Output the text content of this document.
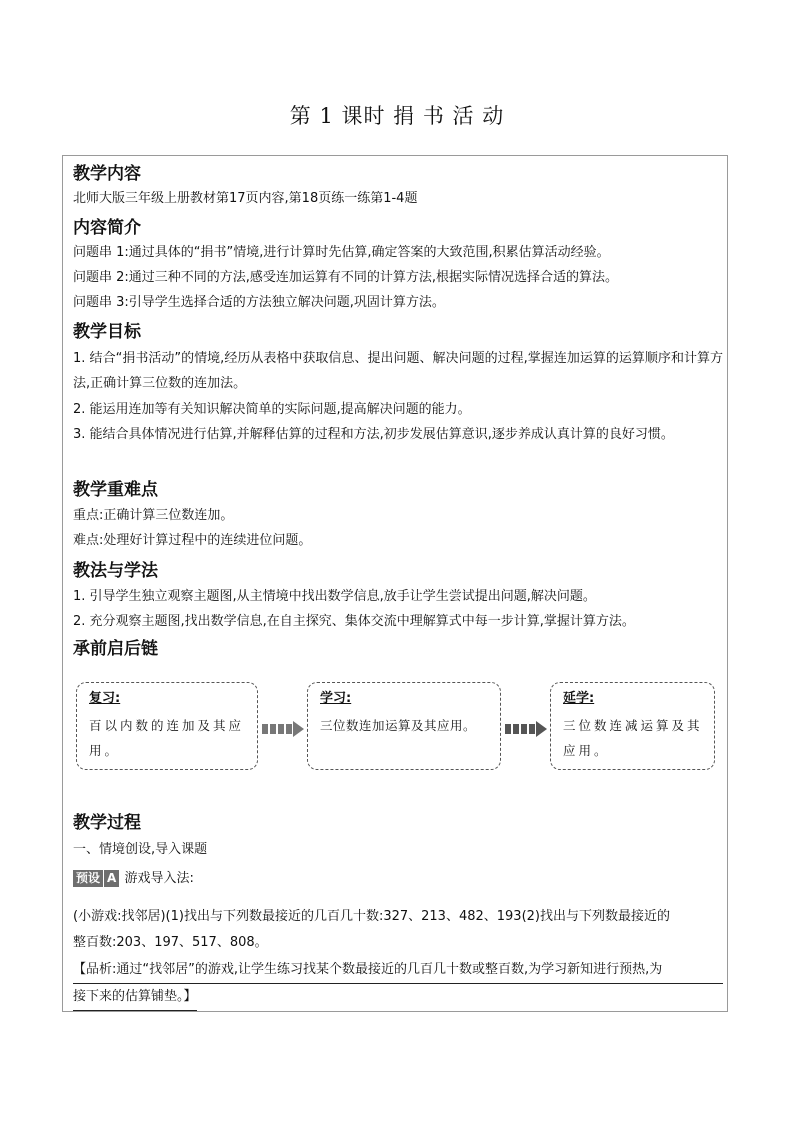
第 1 课时 捐 书 活 动
教学内容
北师大版三年级上册教材第17页内容,第18页练一练第1-4题
内容简介
问题串 1:通过具体的“捐书”情境,进行计算时先估算,确定答案的大致范围,积累估算活动经验。
问题串 2:通过三种不同的方法,感受连加运算有不同的计算方法,根据实际情况选择合适的算法。
问题串 3:引导学生选择合适的方法独立解决问题,巩固计算方法。
教学目标
1. 结合“捐书活动”的情境,经历从表格中获取信息、提出问题、解决问题的过程,掌握连加运算的运算顺序和计算方法,正确计算三位数的连加法。
2. 能运用连加等有关知识解决简单的实际问题,提高解决问题的能力。
3. 能结合具体情况进行估算,并解释估算的过程和方法,初步发展估算意识,逐步养成认真计算的良好习惯。
教学重难点
重点:正确计算三位数连加。
难点:处理好计算过程中的连续进位问题。
教法与学法
1. 引导学生独立观察主题图,从主情境中找出数学信息,放手让学生尝试提出问题,解决问题。
2. 充分观察主题图,找出数学信息,在自主探究、集体交流中理解算式中每一步计算,掌握计算方法。
承前启后链
复习:
百以内数的连加及其应用。
学习:
三位数连加运算及其应用。
延学:
三位数连减运算及其应用。
教学过程
一、情境创设,导入课题
预设 A 游戏导入法:
(小游戏:找邻居)(1)找出与下列数最接近的几百几十数:327、213、482、193(2)找出与下列数最接近的
整百数:203、197、517、808。
【品析:通过“找邻居”的游戏,让学生练习找某个数最接近的几百几十数或整百数,为学习新知进行预热,为
接下来的估算铺垫。】
